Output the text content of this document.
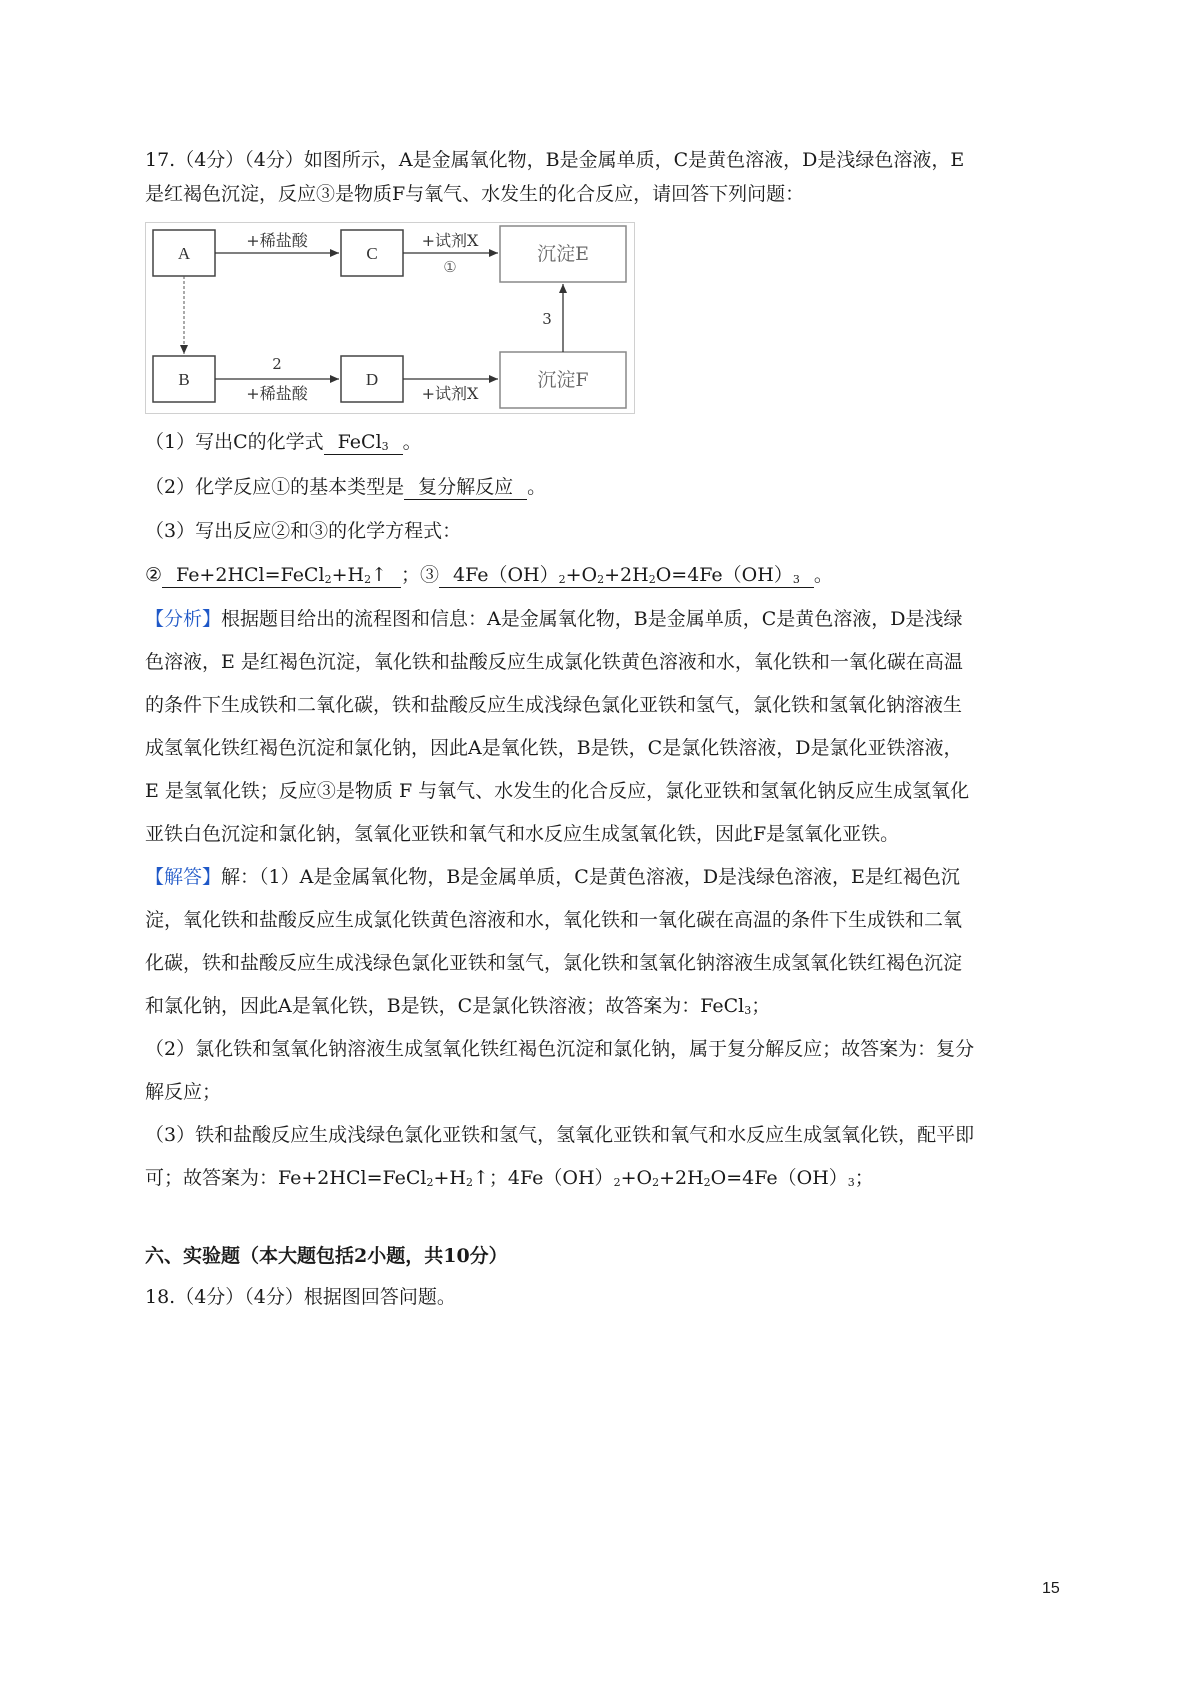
17.（4分）（4分）如图所示，A是金属氧化物，B是金属单质，C是黄色溶液，D是浅绿色溶液，E
是红褐色沉淀，反应③是物质F与氧气、水发生的化合反应，请回答下列问题：
A	C	沉淀E
B	D	沉淀F
+稀盐酸	+试剂X
①
2
+稀盐酸	+试剂X
3
（1）写出C的化学式 FeCl$_3$ 。
（2）化学反应①的基本类型是 复分解反应 。
（3）写出反应②和③的化学方程式：
② $Fe+2HCl=FeCl_2+H_2↑$ ；③ $4Fe(OH)_2+O_2+2H_2O=4Fe(OH)_3$ 。
【分析】根据题目给出的流程图和信息：A是金属氧化物，B是金属单质，C是黄色溶液，D是浅绿
色溶液，E 是红褐色沉淀，氧化铁和盐酸反应生成氯化铁黄色溶液和水，氧化铁和一氧化碳在高温
的条件下生成铁和二氧化碳，铁和盐酸反应生成浅绿色氯化亚铁和氢气，氯化铁和氢氧化钠溶液生
成氢氧化铁红褐色沉淀和氯化钠，因此A是氧化铁，B是铁，C是氯化铁溶液，D是氯化亚铁溶液，
E 是氢氧化铁；反应③是物质 F 与氧气、水发生的化合反应，氯化亚铁和氢氧化钠反应生成氢氧化
亚铁白色沉淀和氯化钠，氢氧化亚铁和氧气和水反应生成氢氧化铁，因此F是氢氧化亚铁。
【解答】解：（1）A是金属氧化物，B是金属单质，C是黄色溶液，D是浅绿色溶液，E是红褐色沉
淀，氧化铁和盐酸反应生成氯化铁黄色溶液和水，氧化铁和一氧化碳在高温的条件下生成铁和二氧
化碳，铁和盐酸反应生成浅绿色氯化亚铁和氢气，氯化铁和氢氧化钠溶液生成氢氧化铁红褐色沉淀
和氯化钠，因此A是氧化铁，B是铁，C是氯化铁溶液；故答案为：FeCl$_3$；
（2）氯化铁和氢氧化钠溶液生成氢氧化铁红褐色沉淀和氯化钠，属于复分解反应；故答案为：复分
解反应；
（3）铁和盐酸反应生成浅绿色氯化亚铁和氢气，氢氧化亚铁和氧气和水反应生成氢氧化铁，配平即
可；故答案为：$Fe+2HCl=FeCl_2+H_2↑$；$4Fe(OH)_2+O_2+2H_2O=4Fe(OH)_3$；
六、实验题（本大题包括2小题，共10分）
18.（4分）（4分）根据图回答问题。
15
